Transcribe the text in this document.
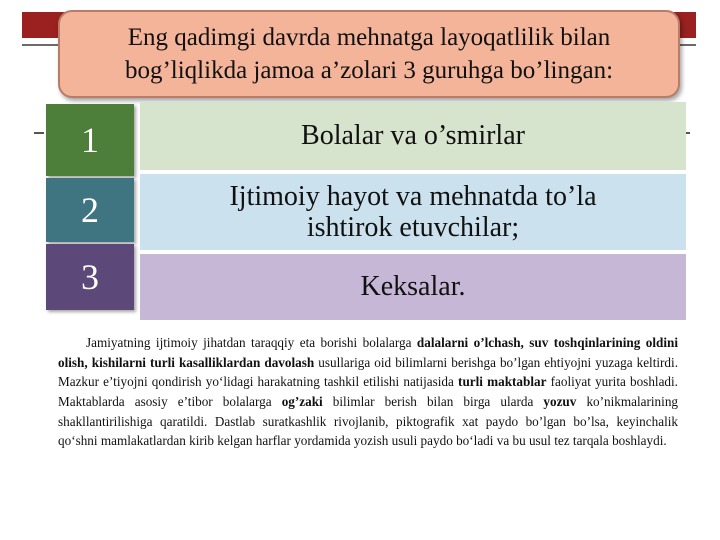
Eng qadimgi davrda mehnatga layoqatlilik bilan
bog’liqlikda jamoa a’zolari 3 guruhga bo’lingan:
Bolalar va o’smirlar
Ijtimoiy hayot va mehnatda to’la
ishtirok etuvchilar;
Keksalar.
1
2
3

Jamiyatning ijtimoiy jihatdan taraqqiy eta borishi bolalarga dalalarni o’lchash, suv toshqinlarining oldini olish, kishilarni turli kasalliklardan davolash usullariga oid bilimlarni berishga bo’lgan ehtiyojni yuzaga keltirdi. Mazkur e’tiyojni qondirish yo‘lidagi harakatning tashkil etilishi natijasida turli maktablar faoliyat yurita boshladi. Maktablarda asosiy e’tibor bolalarga og’zaki bilimlar berish bilan birga ularda yozuv ko’nikmalarining shakllantirilishiga qaratildi. Dastlab suratkashlik rivojlanib, piktografik xat paydo bo’lgan bo’lsa, keyinchalik qo‘shni mamlakatlardan kirib kelgan harflar yordamida yozish usuli paydo bo‘ladi va bu usul tez tarqala boshlaydi.
